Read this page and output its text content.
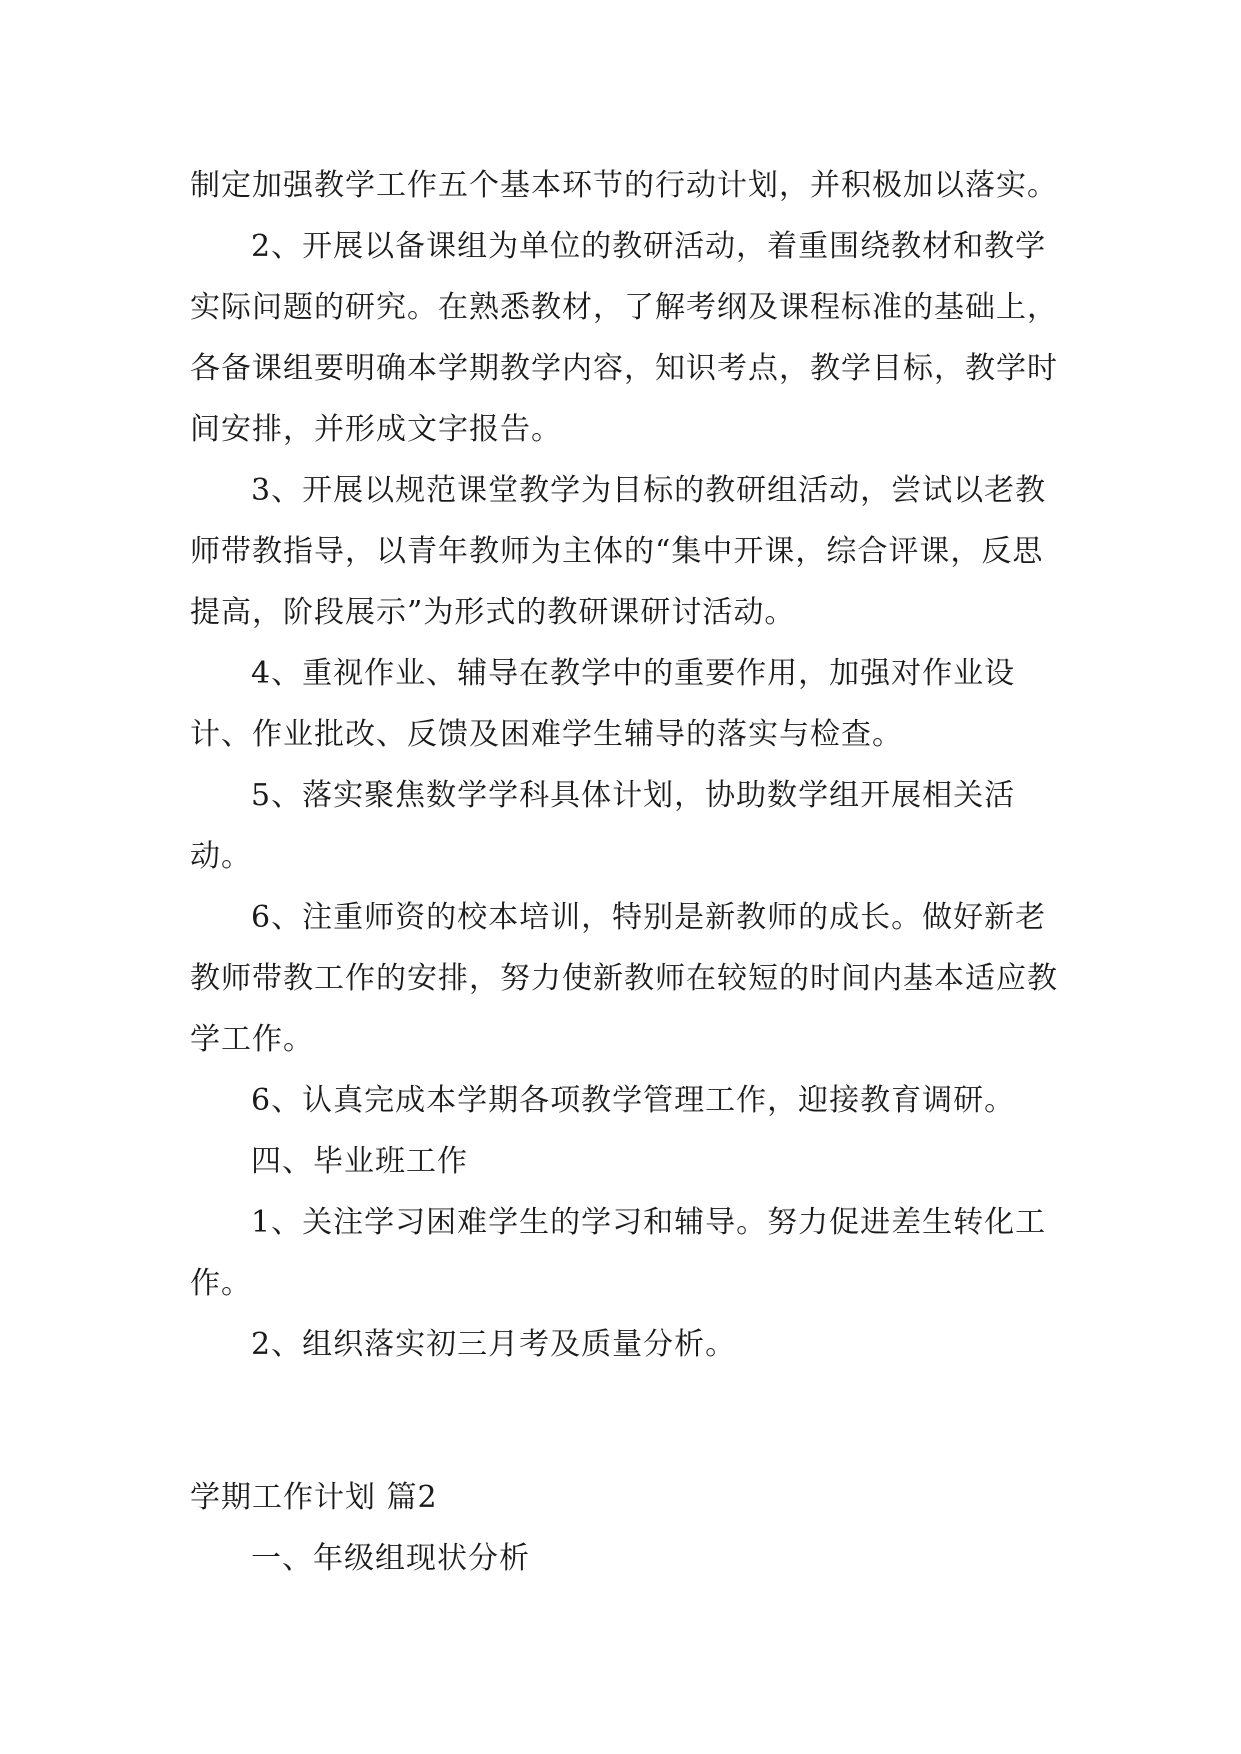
制定加强教学工作五个基本环节的行动计划，并积极加以落实。

2、开展以备课组为单位的教研活动，着重围绕教材和教学实际问题的研究。在熟悉教材，了解考纲及课程标准的基础上，各备课组要明确本学期教学内容，知识考点，教学目标，教学时间安排，并形成文字报告。

3、开展以规范课堂教学为目标的教研组活动，尝试以老教师带教指导，以青年教师为主体的“集中开课，综合评课，反思提高，阶段展示”为形式的教研课研讨活动。

4、重视作业、辅导在教学中的重要作用，加强对作业设计、作业批改、反馈及困难学生辅导的落实与检查。

5、落实聚焦数学学科具体计划，协助数学组开展相关活动。

6、注重师资的校本培训，特别是新教师的成长。做好新老教师带教工作的安排，努力使新教师在较短的时间内基本适应教学工作。

6、认真完成本学期各项教学管理工作，迎接教育调研。

四、毕业班工作

1、关注学习困难学生的学习和辅导。努力促进差生转化工作。

2、组织落实初三月考及质量分析。

学期工作计划 篇2

一、年级组现状分析
